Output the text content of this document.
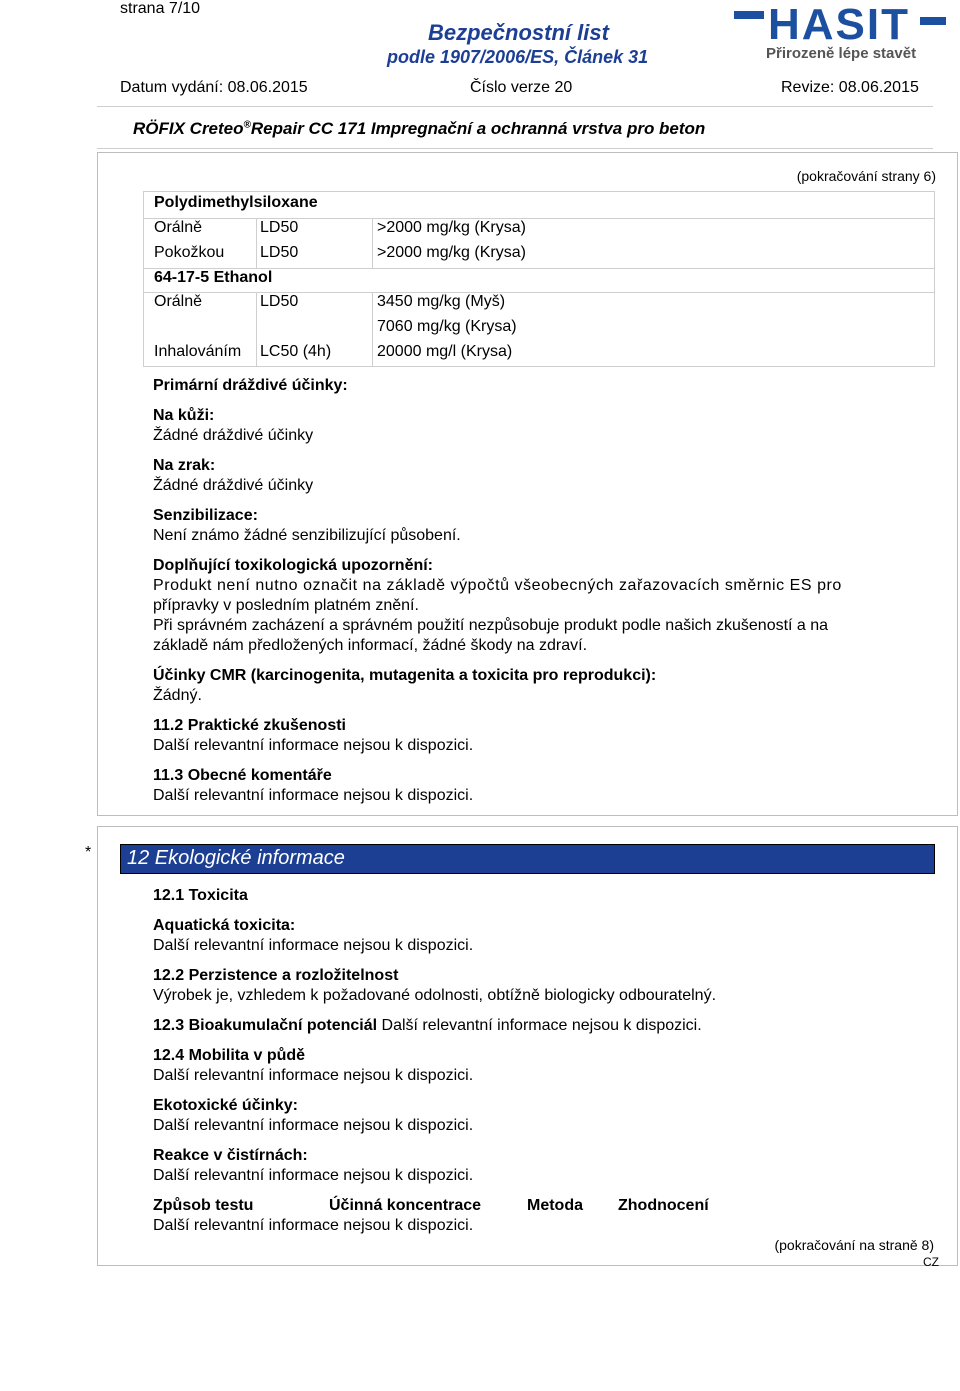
strana 7/10
Bezpečnostní list
podle 1907/2006/ES, Článek 31
HASIT
Přirozeně lépe stavět
Datum vydání: 08.06.2015	Číslo verze 20	Revize: 08.06.2015
RÖFIX Creteo®Repair CC 171 Impregnační a ochranná vrstva pro beton
(pokračování strany 6)
Polydimethylsiloxane
Orálně	LD50	>2000 mg/kg (Krysa)
Pokožkou LD50	>2000 mg/kg (Krysa)
64-17-5 Ethanol
Orálně	LD50	3450 mg/kg (Myš)
7060 mg/kg (Krysa)
Inhalováním LC50 (4h)	20000 mg/l (Krysa)
Primární dráždivé účinky:
Na kůži:
Žádné dráždivé účinky
Na zrak:
Žádné dráždivé účinky
Senzibilizace:
Není známo žádné senzibilizující působení.
Doplňující toxikologická upozornění:
Produkt není nutno označit na základě výpočtů všeobecných zařazovacích směrnic ES pro
přípravky v posledním platném znění.
Při správném zacházení a správném použití nezpůsobuje produkt podle našich zkušeností a na
základě nám předložených informací, žádné škody na zdraví.
Účinky CMR (karcinogenita, mutagenita a toxicita pro reprodukci):
Žádný.
11.2 Praktické zkušenosti
Další relevantní informace nejsou k dispozici.
11.3 Obecné komentáře
Další relevantní informace nejsou k dispozici.
* 12 Ekologické informace
12.1 Toxicita
Aquatická toxicita:
Další relevantní informace nejsou k dispozici.
12.2 Perzistence a rozložitelnost
Výrobek je, vzhledem k požadované odolnosti, obtížně biologicky odbouratelný.
12.3 Bioakumulační potenciál Další relevantní informace nejsou k dispozici.
12.4 Mobilita v půdě
Další relevantní informace nejsou k dispozici.
Ekotoxické účinky:
Další relevantní informace nejsou k dispozici.
Reakce v čistírnách:
Další relevantní informace nejsou k dispozici.
Způsob testu	Účinná koncentrace	Metoda Zhodnocení
Další relevantní informace nejsou k dispozici.
(pokračování na straně 8)
CZ
